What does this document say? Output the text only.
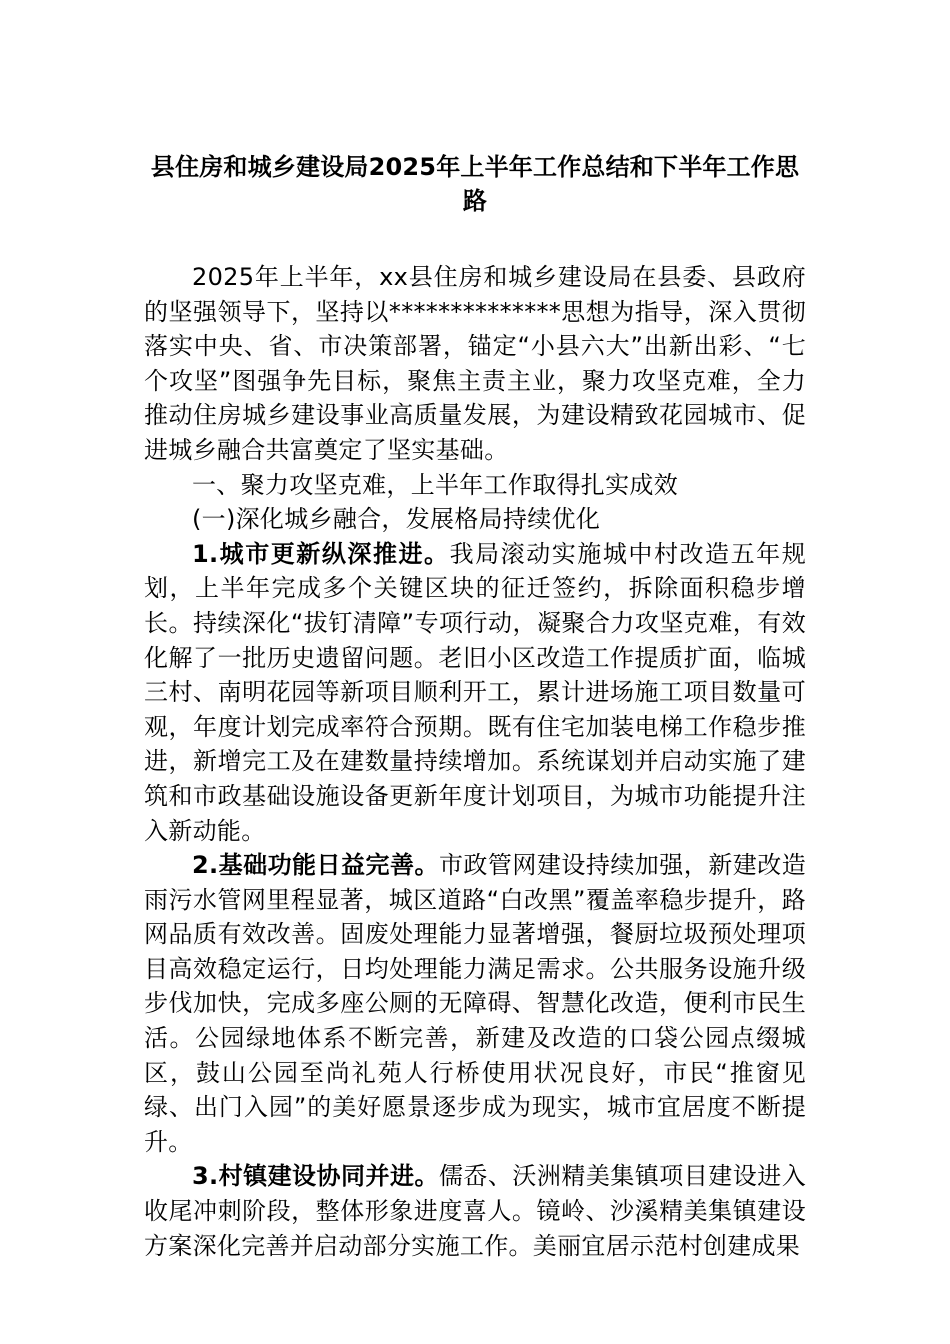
县住房和城乡建设局2025年上半年工作总结和下半年工作思路

2025年上半年，xx县住房和城乡建设局在县委、县政府的坚强领导下，坚持以**************思想为指导，深入贯彻落实中央、省、市决策部署，锚定“小县六大”出新出彩、“七个攻坚”图强争先目标，聚焦主责主业，聚力攻坚克难，全力推动住房城乡建设事业高质量发展，为建设精致花园城市、促进城乡融合共富奠定了坚实基础。

一、聚力攻坚克难，上半年工作取得扎实成效

(一)深化城乡融合，发展格局持续优化

1.城市更新纵深推进。我局滚动实施城中村改造五年规划，上半年完成多个关键区块的征迁签约，拆除面积稳步增长。持续深化“拔钉清障”专项行动，凝聚合力攻坚克难，有效化解了一批历史遗留问题。老旧小区改造工作提质扩面，临城三村、南明花园等新项目顺利开工，累计进场施工项目数量可观，年度计划完成率符合预期。既有住宅加装电梯工作稳步推进，新增完工及在建数量持续增加。系统谋划并启动实施了建筑和市政基础设施设备更新年度计划项目，为城市功能提升注入新动能。

2.基础功能日益完善。市政管网建设持续加强，新建改造雨污水管网里程显著，城区道路“白改黑”覆盖率稳步提升，路网品质有效改善。固废处理能力显著增强，餐厨垃圾预处理项目高效稳定运行，日均处理能力满足需求。公共服务设施升级步伐加快，完成多座公厕的无障碍、智慧化改造，便利市民生活。公园绿地体系不断完善，新建及改造的口袋公园点缀城区，鼓山公园至尚礼苑人行桥使用状况良好，市民“推窗见绿、出门入园”的美好愿景逐步成为现实，城市宜居度不断提升。

3.村镇建设协同并进。儒岙、沃洲精美集镇项目建设进入收尾冲刺阶段，整体形象进度喜人。镜岭、沙溪精美集镇建设方案深化完善并启动部分实施工作。美丽宜居示范村创建成果
